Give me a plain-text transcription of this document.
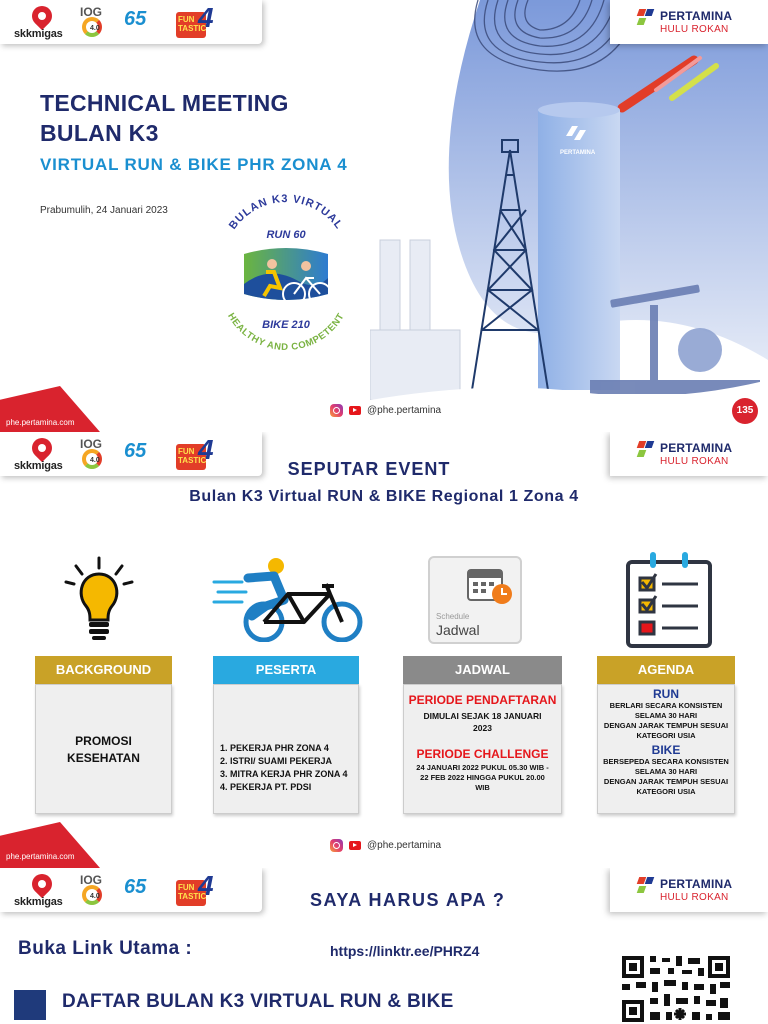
PERTAMINA
skkmigas
IOG
4.0 65	FUN
TASTIC
4	PERTAMINA
HULU ROKAN
TECHNICAL MEETING
BULAN K3
VIRTUAL RUN & BIKE PHR ZONA 4
Prabumulih, 24 Januari 2023
BULAN K3 VIRTUAL
RUN 60
BIKE 210
HEALTHY AND COMPETENT
@phe.pertamina
phe.pertamina.com
135
skkmigas
IOG
4.0 65	FUN
TASTIC
4	PERTAMINA
HULU ROKAN
SEPUTAR EVENT
Bulan K3 Virtual RUN & BIKE Regional 1 Zona 4
Schedule
Jadwal
BACKGROUND
PROMOSI
KESEHATAN
PESERTA
1. PEKERJA PHR ZONA 4
2. ISTRI/ SUAMI PEKERJA
3. MITRA KERJA PHR ZONA 4
4. PEKERJA PT. PDSI
JADWAL
PERIODE PENDAFTARAN
DIMULAI SEJAK 18 JANUARI
2023
PERIODE CHALLENGE
24 JANUARI 2022 PUKUL 05.30 WIB -
22 FEB 2022 HINGGA PUKUL 20.00
WIB
AGENDA
RUN
BERLARI SECARA KONSISTEN
SELAMA 30 HARI
DENGAN JARAK TEMPUH SESUAI
KATEGORI USIA
BIKE
BERSEPEDA SECARA KONSISTEN
SELAMA 30 HARI
DENGAN JARAK TEMPUH SESUAI
KATEGORI USIA
@phe.pertamina
phe.pertamina.com
skkmigas
IOG
4.0 65	FUN
TASTIC
4	PERTAMINA
HULU ROKAN
SAYA HARUS APA ?
Buka Link Utama :	https://linktr.ee/PHRZ4
DAFTAR BULAN K3 VIRTUAL RUN & BIKE
